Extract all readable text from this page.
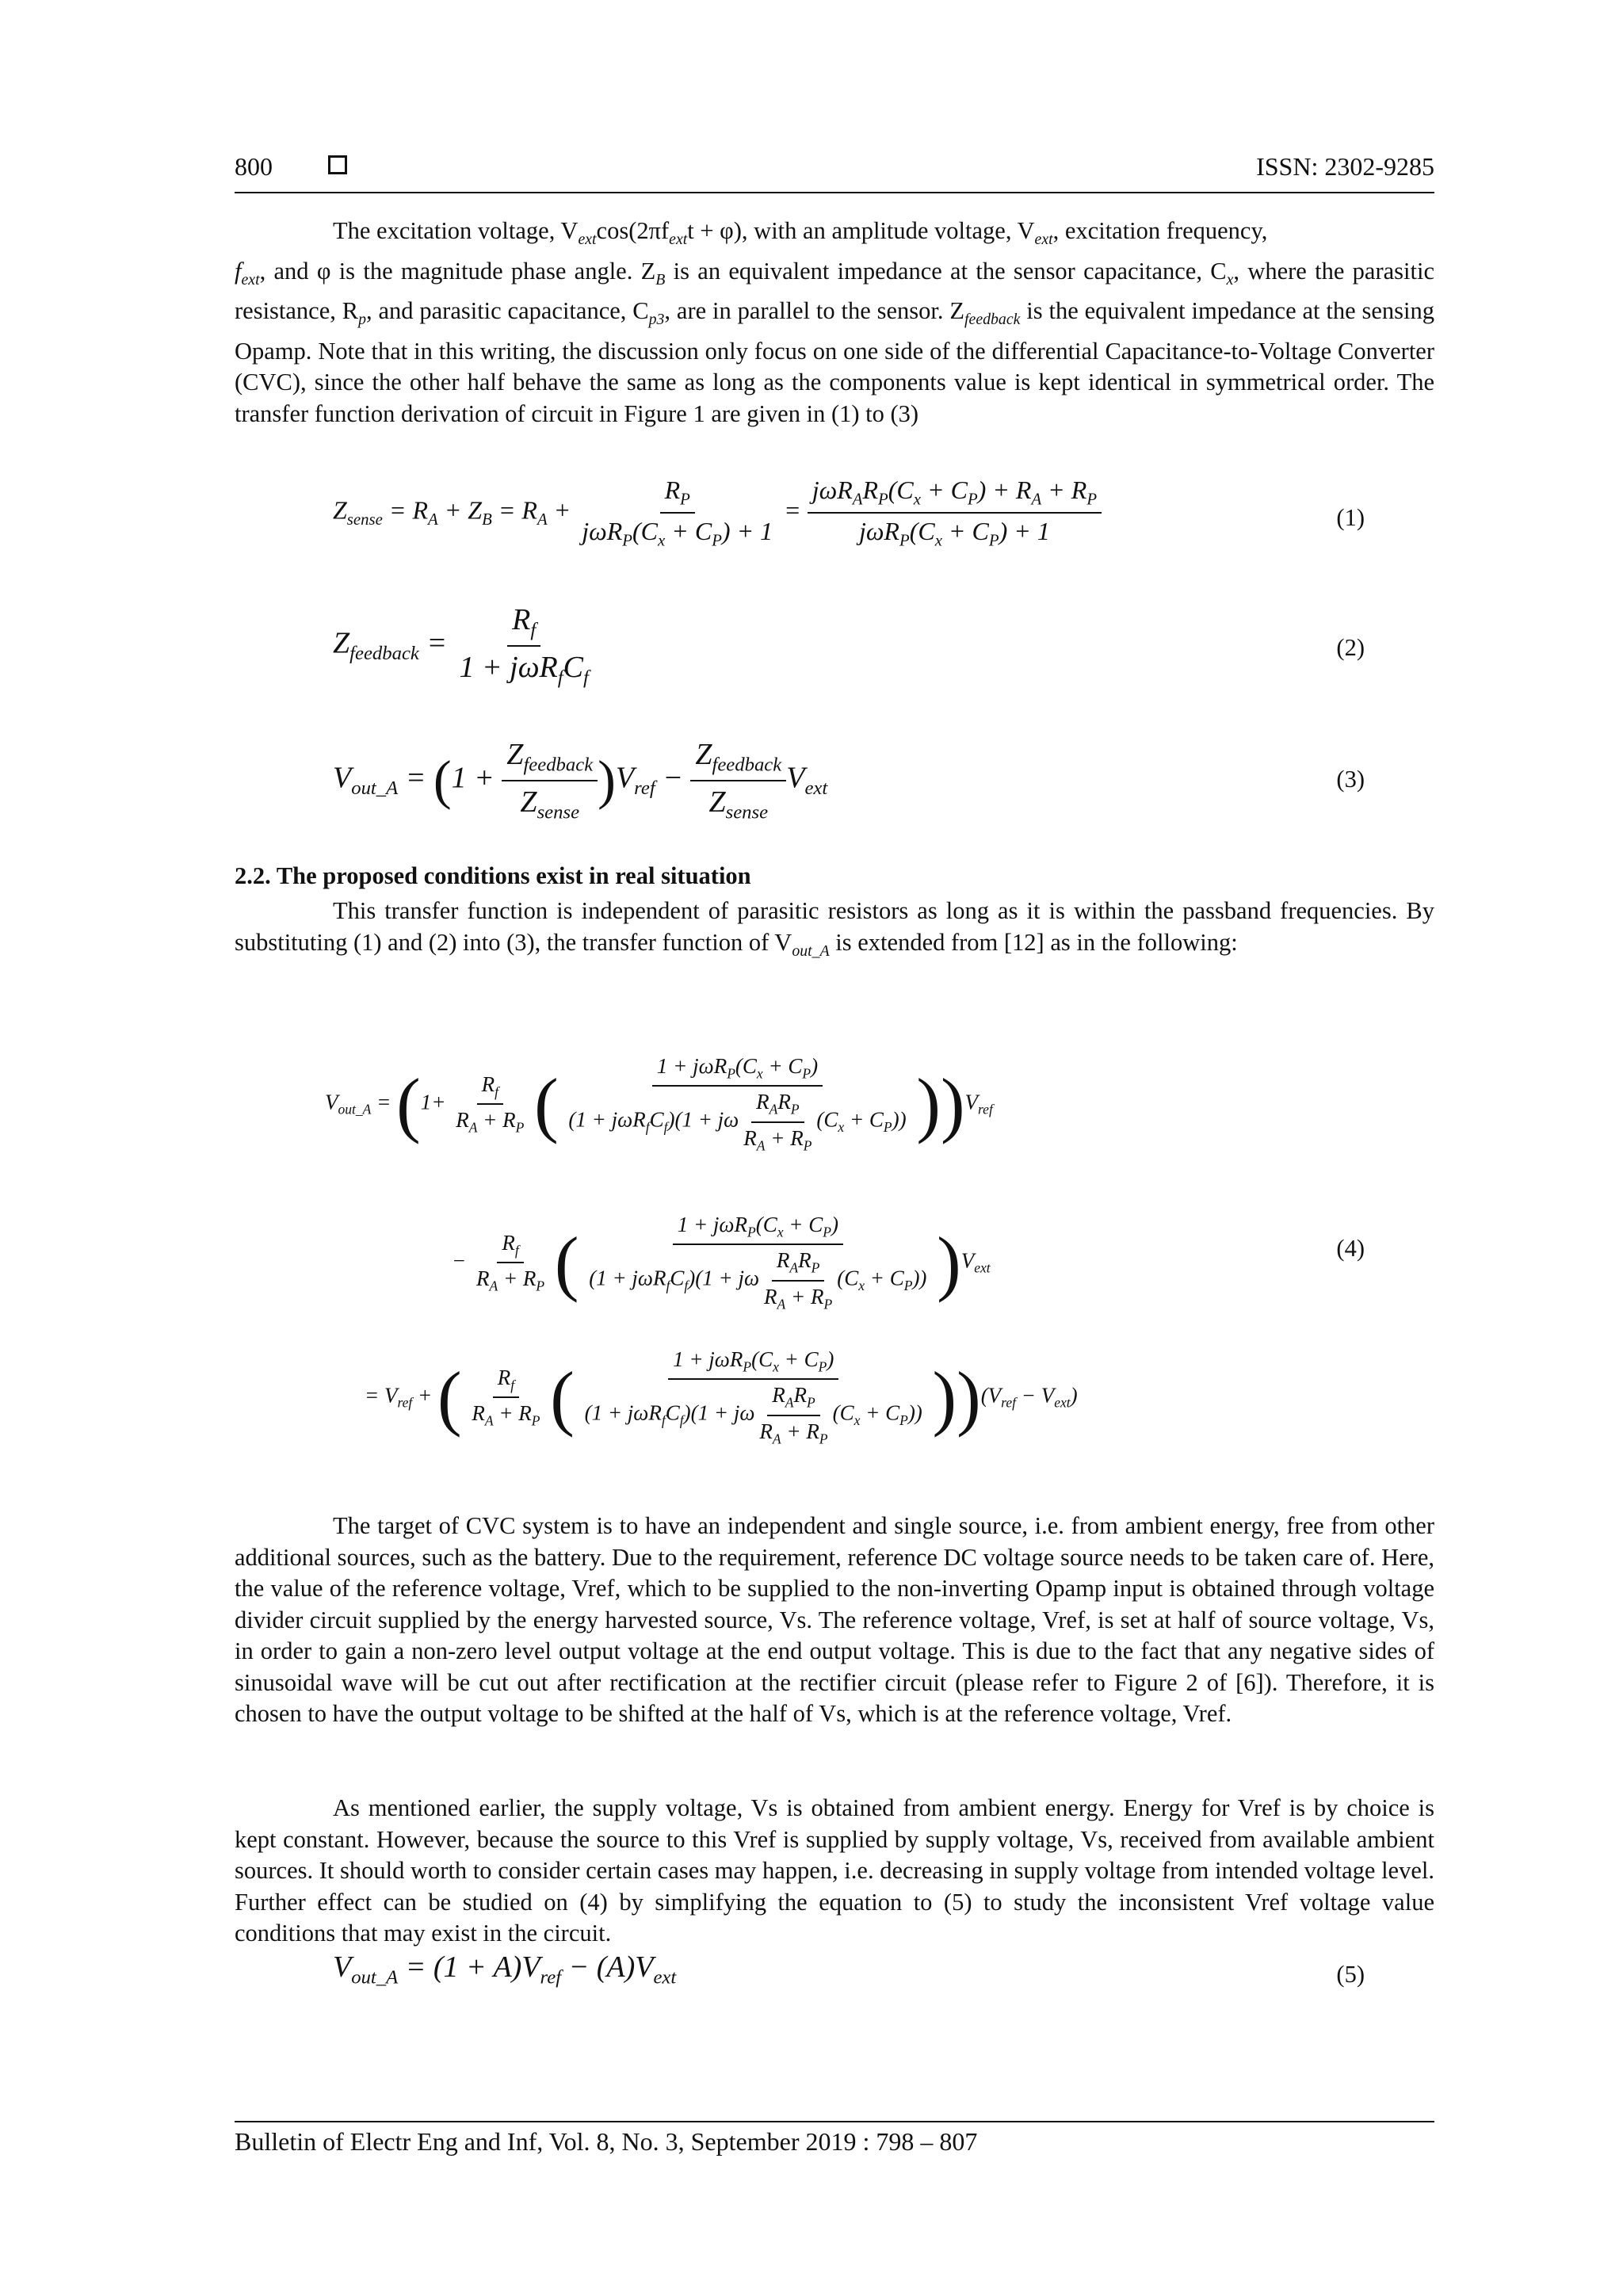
800	ISSN: 2302-9285

The excitation voltage, $V_{ext}\cos(2\pi f_{ext}t + \varphi)$, with an amplitude voltage, $V_{ext}$, excitation frequency,

$f_{ext}$, and φ is the magnitude phase angle. $Z_B$ is an equivalent impedance at the sensor capacitance, $C_x$, where the parasitic resistance, $R_p$, and parasitic capacitance, $C_{p3}$, are in parallel to the sensor. $Z_{feedback}$ is the equivalent impedance at the sensing Opamp. Note that in this writing, the discussion only focus on one side of the differential Capacitance-to-Voltage Converter (CVC), since the other half behave the same as long as the components value is kept identical in symmetrical order. The transfer function derivation of circuit in Figure 1 are given in (1) to (3)

$Z_{sense} = R_A + Z_B = R_A + \frac{R_P}{j\omega R_P(C_x + C_P) + 1} = \frac{j\omega R_AR_P(C_x + C_P) + R_A + R_P}{j\omega R_P(C_x + C_P) + 1}$	(1)
$Z_{feedback} = \frac{R_f}{1 + j\omega R_fC_f}$	(2)
$V_{out\_A} = (1 + \frac{Z_{feedback}}{Z_{sense}} )V_{ref} - \frac{Z_{feedback}}{Z_{sense}} V_{ext}$	(3)
2.2. The proposed conditions exist in real situation

This transfer function is independent of parasitic resistors as long as it is within the passband frequencies. By substituting (1) and (2) into (3), the transfer function of $V_{out\_A}$ is extended from [12] as in the following:

$V_{out\_A} = (1+ \frac{R_f}{R_A + R_P}$ ( $\frac{1 + j\omega R_P(C_x + C_P)}{(1 + j\omega R_fC_f)(1 + j\omega \frac{R_AR_P}{R_A + R_P} (C_x + C_P))} ))V_{ref}$
− $\frac{R_f}{R_A + R_P}$ ( $\frac{1 + j\omega R_P(C_x + C_P)}{(1 + j\omega R_fC_f)(1 + j\omega \frac{R_AR_P}{R_A + R_P} (C_x + C_P))} )V_{ext}$
(4)
= $V_{ref}$ + ( $\frac{R_f}{R_A + R_P}$ ( $\frac{1 + j\omega R_P(C_x + C_P)}{(1 + j\omega R_fC_f)(1 + j\omega \frac{R_AR_P}{R_A + R_P} (C_x + C_P))} ))(V_{ref} - V_{ext})$

The target of CVC system is to have an independent and single source, i.e. from ambient energy, free from other additional sources, such as the battery. Due to the requirement, reference DC voltage source needs to be taken care of. Here, the value of the reference voltage, Vref, which to be supplied to the non-inverting Opamp input is obtained through voltage divider circuit supplied by the energy harvested source, Vs. The reference voltage, Vref, is set at half of source voltage, Vs, in order to gain a non-zero level output voltage at the end output voltage. This is due to the fact that any negative sides of sinusoidal wave will be cut out after rectification at the rectifier circuit (please refer to Figure 2 of [6]). Therefore, it is chosen to have the output voltage to be shifted at the half of Vs, which is at the reference voltage, Vref.

As mentioned earlier, the supply voltage, Vs is obtained from ambient energy. Energy for Vref is by choice is kept constant. However, because the source to this Vref is supplied by supply voltage, Vs, received from available ambient sources. It should worth to consider certain cases may happen, i.e. decreasing in supply voltage from intended voltage level. Further effect can be studied on (4) by simplifying the equation to (5) to study the inconsistent Vref voltage value conditions that may exist in the circuit.

$V_{out\_A} = (1 + A)V_{ref} - (A)V_{ext}$	(5)
Bulletin of Electr Eng and Inf, Vol. 8, No. 3, September 2019 : 798 – 807
